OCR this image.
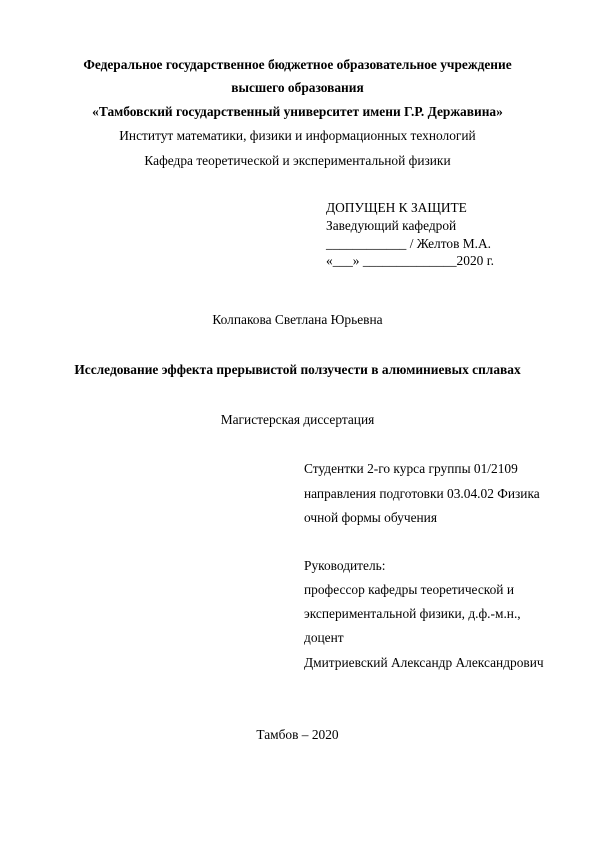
Федеральное государственное бюджетное образовательное учреждение
высшего образования
«Тамбовский государственный университет имени Г.Р. Державина»
Институт математики, физики и информационных технологий
Кафедра теоретической и экспериментальной физики
ДОПУЩЕН К ЗАЩИТЕ
Заведующий кафедрой
____________ / Желтов М.А.
«___» ______________2020 г.
Колпакова Светлана Юрьевна
Исследование эффекта прерывистой ползучести в алюминиевых сплавах
Магистерская диссертация
Студентки 2-го курса группы 01/2109
направления подготовки 03.04.02 Физика
очной формы обучения
Руководитель:
профессор кафедры теоретической и
экспериментальной физики, д.ф.-м.н.,
доцент
Дмитриевский Александр Александрович
Тамбов – 2020
